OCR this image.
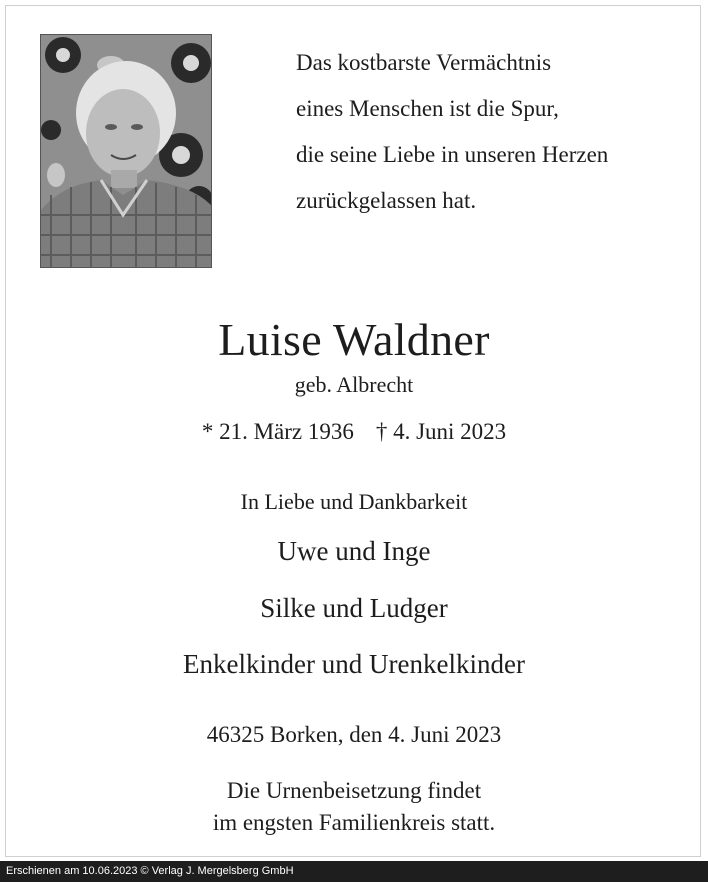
Das kostbarste Vermächtnis
eines Menschen ist die Spur,
die seine Liebe in unseren Herzen
zurückgelassen hat.
Luise Waldner
geb. Albrecht
* 21. März 1936 † 4. Juni 2023
In Liebe und Dankbarkeit
Uwe und Inge
Silke und Ludger
Enkelkinder und Urenkelkinder
46325 Borken, den 4. Juni 2023
Die Urnenbeisetzung findet
im engsten Familienkreis statt.
Erschienen am 10.06.2023 © Verlag J. Mergelsberg GmbH
